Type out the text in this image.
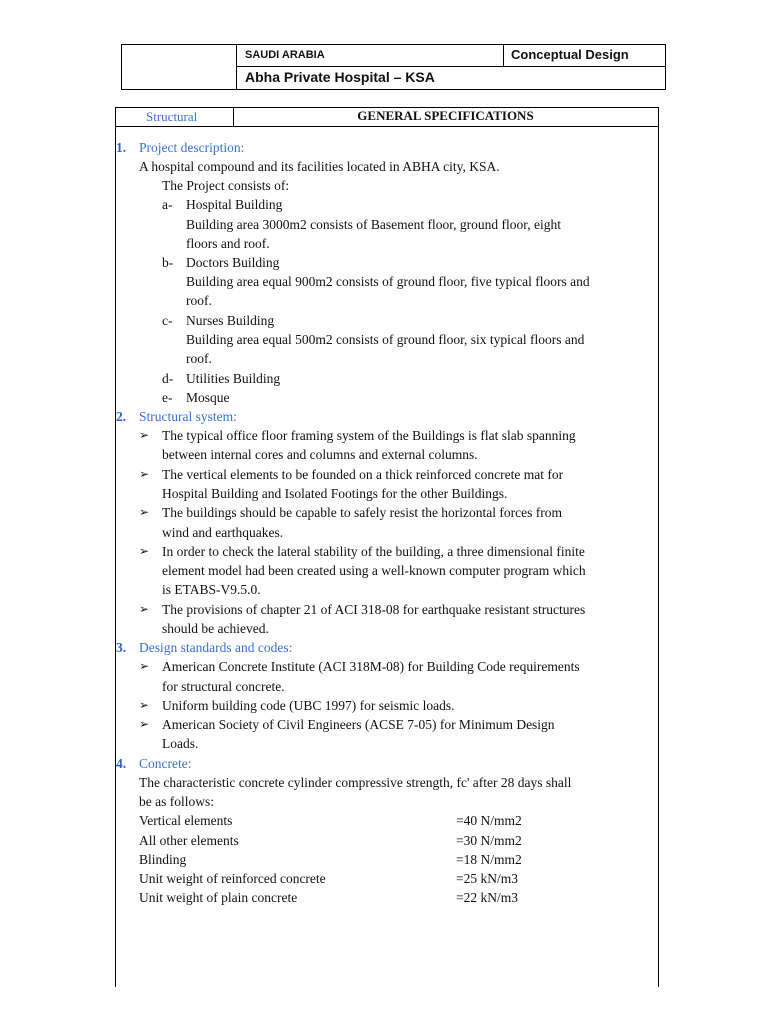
SAUDI ARABIA	Conceptual Design
Abha Private Hospital – KSA
Structural	GENERAL SPECIFICATIONS
1. Project description:
A hospital compound and its facilities located in ABHA city, KSA.
The Project consists of:
a- Hospital Building
Building area 3000m2 consists of Basement floor, ground floor, eight
floors and roof.
b- Doctors Building
Building area equal 900m2 consists of ground floor, five typical floors and
roof.
c- Nurses Building
Building area equal 500m2 consists of ground floor, six typical floors and
roof.
d- Utilities Building
e- Mosque
2. Structural system:
➢ The typical office floor framing system of the Buildings is flat slab spanning
between internal cores and columns and external columns.
➢ The vertical elements to be founded on a thick reinforced concrete mat for
Hospital Building and Isolated Footings for the other Buildings.
➢ The buildings should be capable to safely resist the horizontal forces from
wind and earthquakes.
➢ In order to check the lateral stability of the building, a three dimensional finite
element model had been created using a well-known computer program which
is ETABS-V9.5.0.
➢ The provisions of chapter 21 of ACI 318-08 for earthquake resistant structures
should be achieved.
3. Design standards and codes:
➢ American Concrete Institute (ACI 318M-08) for Building Code requirements
for structural concrete.
➢ Uniform building code (UBC 1997) for seismic loads.
➢ American Society of Civil Engineers (ACSE 7-05) for Minimum Design
Loads.
4. Concrete:
The characteristic concrete cylinder compressive strength, fc' after 28 days shall
be as follows:
Vertical elements	=40 N/mm2
All other elements	=30 N/mm2
Blinding	=18 N/mm2
Unit weight of reinforced concrete	=25 kN/m3
Unit weight of plain concrete	=22 kN/m3
